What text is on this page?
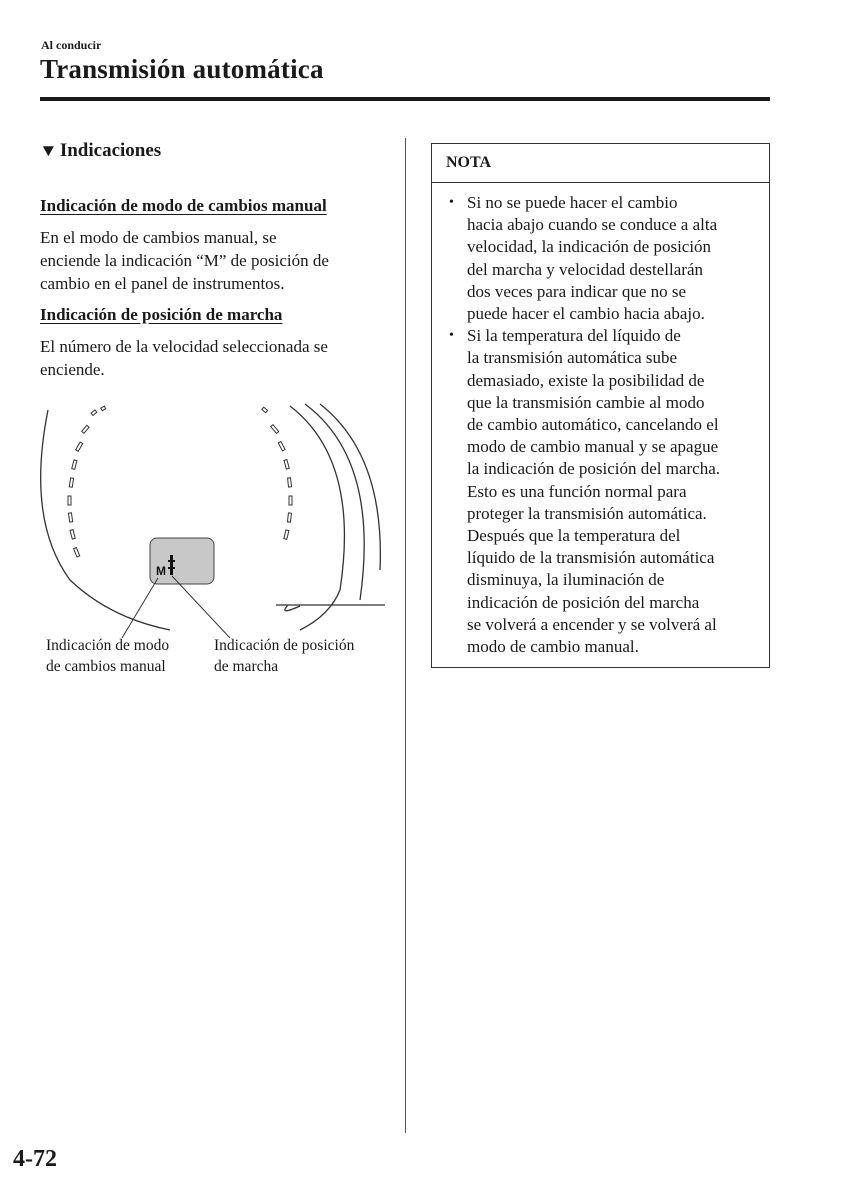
Al conducir
Transmisión automática
▼ Indicaciones

Indicación de modo de cambios manual

En el modo de cambios manual, se
enciende la indicación “M” de posición de
cambio en el panel de instrumentos.

Indicación de posición de marcha

El número de la velocidad seleccionada se
enciende.

M
Indicación de modo
de cambios manual
Indicación de posición
de marcha
NOTA
• Si no se puede hacer el cambio
hacia abajo cuando se conduce a alta
velocidad, la indicación de posición
del marcha y velocidad destellarán
dos veces para indicar que no se
puede hacer el cambio hacia abajo.
• Si la temperatura del líquido de
la transmisión automática sube
demasiado, existe la posibilidad de
que la transmisión cambie al modo
de cambio automático, cancelando el
modo de cambio manual y se apague
la indicación de posición del marcha.
Esto es una función normal para
proteger la transmisión automática.
Después que la temperatura del
líquido de la transmisión automática
disminuya, la iluminación de
indicación de posición del marcha
se volverá a encender y se volverá al
modo de cambio manual.
4-72
